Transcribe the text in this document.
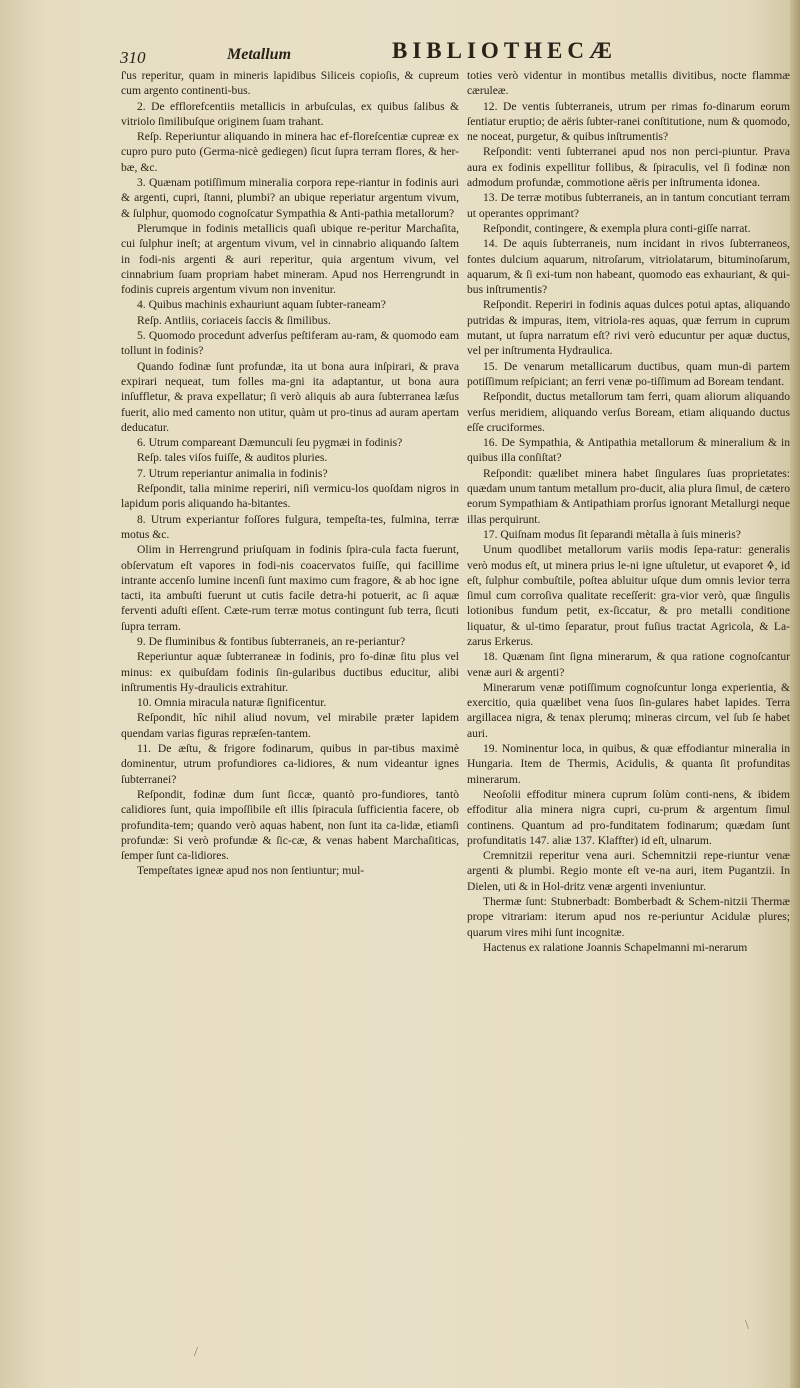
310	Metallum	BIBLIOTHECÆ

ſ'us reperitur, quam in mineris lapidibus Siliceis copioſis, & cupreum cum argento continenti-bus.

2. De efflorefcentiis metallicis in arbuſculas, ex quibus ſalibus & vitriolo ſimilibuſque originem ſuam trahant.

Reſp. Reperiuntur aliquando in minera hac ef-floreſcentiæ cupreæ ex cupro puro puto (Germa-nicè gediegen) ſicut ſupra terram flores, & her-bæ, &c.

3. Quænam potiſſimum mineralia corpora repe-riantur in fodinis auri & argenti, cupri, ſtanni, plumbi? an ubique reperiatur argentum vivum, & ſulphur, quomodo cognoſcatur Sympathia & Anti-pathia metallorum?

Plerumque in fodinis metallicis quaſi ubique re-peritur Marchaſita, cui ſulphur ineſt; at argentum vivum, vel in cinnabrio aliquando ſaltem in fodi-nis argenti & auri reperitur, quia argentum vivum, vel cinnabrium ſuam propriam habet mineram. Apud nos Herrengrundt in fodinis cupreis argentum vivum non invenitur.

4. Quibus machinis exhauriunt aquam ſubter-raneam?

Reſp. Antliis, coriaceis ſaccis & ſimilibus.

5. Quomodo procedunt adverſus peſtiferam au-ram, & quomodo eam tollunt in fodinis?

Quando fodinæ ſunt profundæ, ita ut bona aura inſpirari, & prava expirari nequeat, tum folles ma-gni ita adaptantur, ut bona aura inſuffletur, & prava expellatur; ſi verò aliquis ab aura ſubterranea læſus fuerit, alio med camento non utitur, quàm ut pro-tinus ad auram apertam deducatur.

6. Utrum compareant Dæmunculi ſeu pygmæi in fodinis?

Reſp. tales viſos fuiſſe, & auditos pluries.

7. Utrum reperiantur animalia in fodinis?

Reſpondit, talia minime reperiri, niſi vermicu-los quoſdam nigros in lapidum poris aliquando ha-bitantes.

8. Utrum experiantur foſſores fulgura, tempeſta-tes, fulmina, terræ motus &c.

Olim in Herrengrund priuſquam in fodinis ſpira-cula facta fuerunt, obſervatum eſt vapores in fodi-nis coacervatos fuiſſe, qui facillime intrante accenſo lumine incenſi ſunt maximo cum fragore, & ab hoc igne tacti, ita ambuſti fuerunt ut cutis facile detra-hi potuerit, ac ſi aquæ ferventi aduſti eſſent. Cæte-rum terræ motus contingunt ſub terra, ſicuti ſupra terram.

9. De fluminibus & fontibus ſubterraneis, an re-periantur?

Reperiuntur aquæ ſubterraneæ in fodinis, pro fo-dinæ ſitu plus vel minus: ex quibuſdam fodinis ſin-gularibus ductibus educitur, alibi inſtrumentis Hy-draulicis extrahitur.

10. Omnia miracula naturæ ſignificentur.

Reſpondit, hîc nihil aliud novum, vel mirabile præter lapidem quendam varias figuras repræſen-tantem.

11. De æſtu, & frigore fodinarum, quibus in par-tibus maximè dominentur, utrum profundiores ca-lidiores, & num videantur ignes ſubterranei?

Reſpondit, fodinæ dum ſunt ſiccæ, quantò pro-fundiores, tantò calidiores ſunt, quia impoſſibile eſt illis ſpiracula ſufficientia facere, ob profundita-tem; quando verò aquas habent, non ſunt ita ca-lidæ, etiamſi profundæ: Si verò profundæ & ſic-cæ, & venas habent Marchaſiticas, ſemper ſunt ca-lidiores.

Tempeſtates igneæ apud nos non ſentiuntur; mul-

toties verò videntur in montibus metallis divitibus, nocte flammæ cæruleæ.

12. De ventis ſubterraneis, utrum per rimas fo-dinarum eorum ſentiatur eruptio; de aëris ſubter-ranei conſtitutione, num & quomodo, ne noceat, purgetur, & quibus inſtrumentis?

Reſpondit: venti ſubterranei apud nos non perci-piuntur. Prava aura ex fodinis expellitur follibus, & ſpiraculis, vel ſi fodinæ non admodum profundæ, commotione aëris per inſtrumenta idonea.

13. De terræ motibus ſubterraneis, an in tantum concutiant terram ut operantes opprimant?

Reſpondit, contingere, & exempla plura conti-giſſe narrat.

14. De aquis ſubterraneis, num incidant in rivos ſubterraneos, fontes dulcium aquarum, nitroſarum, vitriolatarum, bituminoſarum, aquarum, & ſi exi-tum non habeant, quomodo eas exhauriant, & qui-bus inſtrumentis?

Reſpondit. Reperiri in fodinis aquas dulces potui aptas, aliquando putridas & impuras, item, vitriola-res aquas, quæ ferrum in cuprum mutant, ut ſupra narratum eſt? rivi verò educuntur per aquæ ductus, vel per inſtrumenta Hydraulica.

15. De venarum metallicarum ductibus, quam mun-di partem potiſſimum reſpiciant; an ferri venæ po-tiſſimum ad Boream tendant.

Reſpondit, ductus metallorum tam ferri, quam aliorum aliquando verſus meridiem, aliquando verſus Boream, etiam aliquando ductus eſſe cruciformes.

16. De Sympathia, & Antipathia metallorum & mineralium & in quibus illa conſiſtat?

Reſpondit: quælibet minera habet ſingulares ſuas proprietates: quædam unum tantum metallum pro-ducit, alia plura ſimul, de cætero eorum Sympathiam & Antipathiam prorſus ignorant Metallurgi neque illas perquirunt.

17. Quiſnam modus ſit ſeparandi mètalla à ſuis mineris?

Unum quodlibet metallorum variis modis ſepa-ratur: generalis verò modus eſt, ut minera prius le-ni igne uſtuletur, ut evaporet 🜍, id eſt, ſulphur combuſtile, poſtea abluitur uſque dum omnis levior terra ſimul cum corroſiva qualitate receſſerit: gra-vior verò, quæ ſingulis lotionibus fundum petit, ex-ſiccatur, & pro metalli conditione liquatur, & ul-timo ſeparatur, prout fuſius tractat Agricola, & La-zarus Erkerus.

18. Quænam ſint ſigna minerarum, & qua ratione cognoſcantur venæ auri & argenti?

Minerarum venæ potiſſimum cognoſcuntur longa experientia, & exercitio, quia quælibet vena ſuos ſin-gulares habet lapides. Terra argillacea nigra, & tenax plerumq; mineras circum, vel ſub ſe habet auri.

19. Nominentur loca, in quibus, & quæ effodiantur mineralia in Hungaria. Item de Thermis, Acidulis, & quanta ſit profunditas minerarum.

Neoſolii effoditur minera cuprum ſolùm conti-nens, & ibidem effoditur alia minera nigra cupri, cu-prum & argentum ſimul continens. Quantum ad pro-funditatem fodinarum; quædam ſunt profunditatis 147. aliæ 137. Klaffter) id eſt, ulnarum.

Cremnitzii reperitur vena auri. Schemnitzii repe-riuntur venæ argenti & plumbi. Regio monte eſt ve-na auri, item Pugantzii. In Dielen, uti & in Hol-dritz venæ argenti inveniuntur.

Thermæ ſunt: Stubnerbadt: Bomberbadt & Schem-nitzii Thermæ prope vitrariam: iterum apud nos re-periuntur Acidulæ plures; quarum vires mihi ſunt incognitæ.

Hactenus ex ralatione Joannis Schapelmanni mi-nerarum

/
\
